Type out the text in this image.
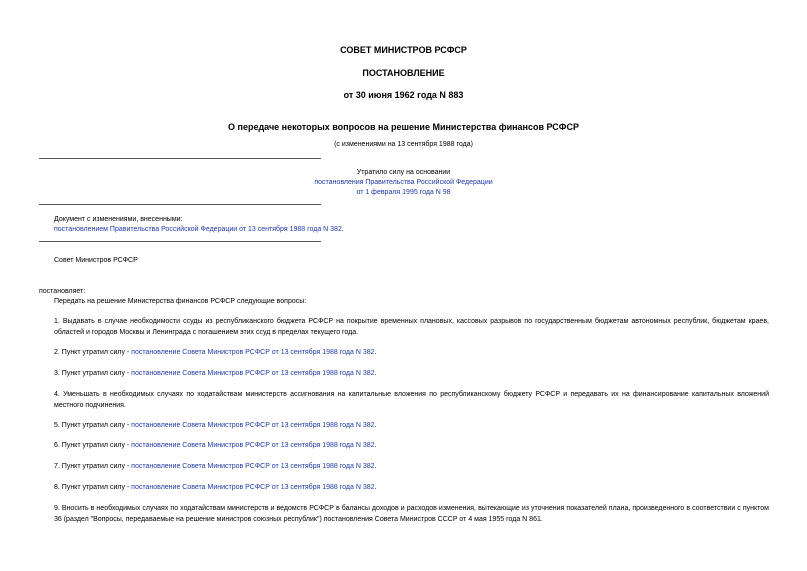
СОВЕТ МИНИСТРОВ РСФСР
ПОСТАНОВЛЕНИЕ
от 30 июня 1962 года N 883
О передаче некоторых вопросов на решение Министерства финансов РСФСР
(с изменениями на 13 сентября 1988 года)
Утратило силу на основании
постановления Правительства Российской Федерации
от 1 февраля 1995 года N 98
Документ с изменениями, внесенными:
постановлением Правительства Российской Федерации от 13 сентября 1988 года N 382.
Совет Министров РСФСР
постановляет:
Передать на решение Министерства финансов РСФСР следующие вопросы:
1. Выдавать в случае необходимости ссуды из республиканского бюджета РСФСР на покрытие временных плановых, кассовых разрывов по государственным бюджетам автономных республик, бюджетам краев, областей и городов Москвы и Ленинграда с погашением этих ссуд в пределах текущего года.
2. Пункт утратил силу - постановление Совета Министров РСФСР от 13 сентября 1988 года N 382.
3. Пункт утратил силу - постановление Совета Министров РСФСР от 13 сентября 1988 года N 382.
4. Уменьшать в необходимых случаях по ходатайствам министерств ассигнования на капитальные вложения по республиканскому бюджету РСФСР и передавать их на финансирование капитальных вложений местного подчинения.
5. Пункт утратил силу - постановление Совета Министров РСФСР от 13 сентября 1988 года N 382.
6. Пункт утратил силу - постановление Совета Министров РСФСР от 13 сентября 1988 года N 382.
7. Пункт утратил силу - постановление Совета Министров РСФСР от 13 сентября 1988 года N 382.
8. Пункт утратил силу - постановление Совета Министров РСФСР от 13 сентября 1988 года N 382.
9. Вносить в необходимых случаях по ходатайствам министерств и ведомств РСФСР в балансы доходов и расходов изменения, вытекающие из уточнения показателей плана, произведенного в соответствии с пунктом 36 (раздел "Вопросы, передаваемые на решение министров союзных республик") постановления Совета Министров СССР от 4 мая 1955 года N 861.
